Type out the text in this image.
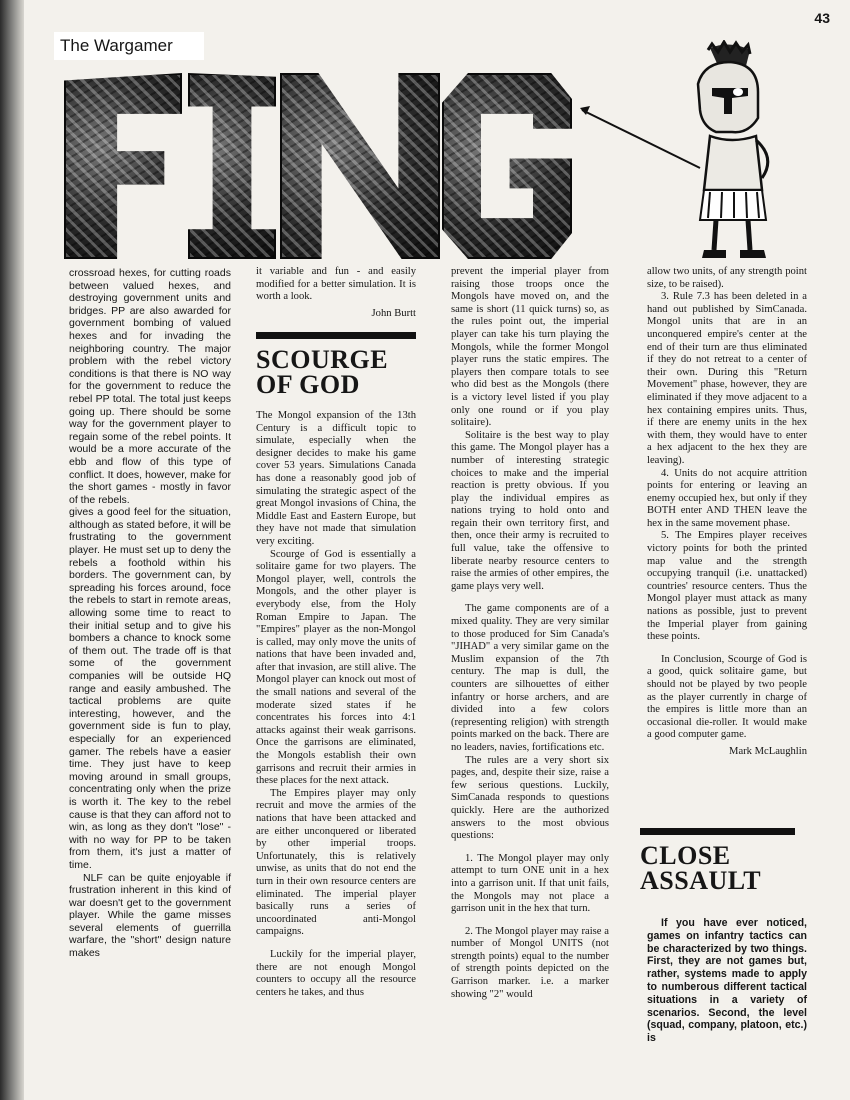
The Wargamer
43

crossroad hexes, for cutting roads between valued hexes, and destroying government units and bridges. PP are also awarded for government bombing of valued hexes and for invading the neighboring country. The major problem with the rebel victory conditions is that there is NO way for the government to reduce the rebel PP total. The total just keeps going up. There should be some way for the government player to regain some of the rebel points. It would be a more accurate of the ebb and flow of this type of conflict. It does, however, make for the short games - mostly in favor of the rebels.

gives a good feel for the situation, although as stated before, it will be frustrating to the government player. He must set up to deny the rebels a foothold within his borders. The government can, by spreading his forces around, foce the rebels to start in remote areas, allowing some time to react to their initial setup and to give his bombers a chance to knock some of them out. The trade off is that some of the government companies will be outside HQ range and easily ambushed. The tactical problems are quite interesting, however, and the government side is fun to play, especially for an experienced gamer. The rebels have a easier time. They just have to keep moving around in small groups, concentrating only when the prize is worth it. The key to the rebel cause is that they can afford not to win, as long as they don't "lose" - with no way for PP to be taken from them, it's just a matter of time.

NLF can be quite enjoyable if frustration inherent in this kind of war doesn't get to the government player. While the game misses several elements of guerrilla warfare, the "short" design nature makes

it variable and fun - and easily modified for a better simulation. It is worth a look.

John Burtt

SCOURGE
OF GOD

The Mongol expansion of the 13th Century is a difficult topic to simulate, especially when the designer decides to make his game cover 53 years. Simulations Canada has done a reasonably good job of simulating the strategic aspect of the great Mongol invasions of China, the Middle East and Eastern Europe, but they have not made that simulation very exciting.

Scourge of God is essentially a solitaire game for two players. The Mongol player, well, controls the Mongols, and the other player is everybody else, from the Holy Roman Empire to Japan. The "Empires" player as the non-Mongol is called, may only move the units of nations that have been invaded and, after that invasion, are still alive. The Mongol player can knock out most of the small nations and several of the moderate sized states if he concentrates his forces into 4:1 attacks against their weak garrisons. Once the garrisons are eliminated, the Mongols establish their own garrisons and recruit their armies in these places for the next attack.

The Empires player may only recruit and move the armies of the nations that have been attacked and are either unconquered or liberated by other imperial troops. Unfortunately, this is relatively unwise, as units that do not end the turn in their own resource centers are eliminated. The imperial player basically runs a series of uncoordinated anti-Mongol campaigns.

Luckily for the imperial player, there are not enough Mongol counters to occupy all the resource centers he takes, and thus

prevent the imperial player from raising those troops once the Mongols have moved on, and the same is short (11 quick turns) so, as the rules point out, the imperial player can take his turn playing the Mongols, while the former Mongol player runs the static empires. The players then compare totals to see who did best as the Mongols (there is a victory level listed if you play only one round or if you play solitaire).

Solitaire is the best way to play this game. The Mongol player has a number of interesting strategic choices to make and the imperial reaction is pretty obvious. If you play the individual empires as nations trying to hold onto and regain their own territory first, and then, once their army is recruited to full value, take the offensive to liberate nearby resource centers to raise the armies of other empires, the game plays very well.

The game components are of a mixed quality. They are very similar to those produced for Sim Canada's "JIHAD" a very similar game on the Muslim expansion of the 7th century. The map is dull, the counters are silhouettes of either infantry or horse archers, and are divided into a few colors (representing religion) with strength points marked on the back. There are no leaders, navies, fortifications etc.

The rules are a very short six pages, and, despite their size, raise a few serious questions. Luckily, SimCanada responds to questions quickly. Here are the authorized answers to the most obvious questions:

1. The Mongol player may only attempt to turn ONE unit in a hex into a garrison unit. If that unit fails, the Mongols may not place a garrison unit in the hex that turn.

2. The Mongol player may raise a number of Mongol UNITS (not strength points) equal to the number of strength points depicted on the Garrison marker. i.e. a marker showing "2" would

allow two units, of any strength point size, to be raised).

3. Rule 7.3 has been deleted in a hand out published by SimCanada. Mongol units that are in an unconquered empire's center at the end of their turn are thus eliminated if they do not retreat to a center of their own. During this "Return Movement" phase, however, they are eliminated if they move adjacent to a hex containing empires units. Thus, if there are enemy units in the hex with them, they would have to enter a hex adjacent to the hex they are leaving).

4. Units do not acquire attrition points for entering or leaving an enemy occupied hex, but only if they BOTH enter AND THEN leave the hex in the same movement phase.

5. The Empires player receives victory points for both the printed map value and the strength occupying tranquil (i.e. unattacked) countries' resource centers. Thus the Mongol player must attack as many nations as possible, just to prevent the Imperial player from gaining these points.

In Conclusion, Scourge of God is a good, quick solitaire game, but should not be played by two people as the player currently in charge of the empires is little more than an occasional die-roller. It would make a good computer game.

Mark McLaughlin

CLOSE
ASSAULT

If you have ever noticed, games on infantry tactics can be characterized by two things. First, they are not games but, rather, systems made to apply to numberous different tactical situations in a variety of scenarios. Second, the level (squad, company, platoon, etc.) is
